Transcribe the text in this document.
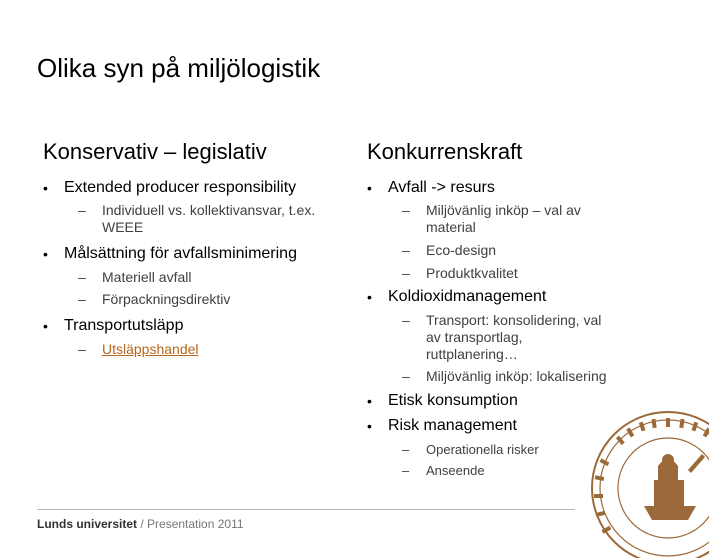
Olika syn på miljölogistik
Konservativ – legislativ
• Extended producer responsibility
– Individuell vs. kollektivansvar, t.ex. WEEE
• Målsättning för avfallsminimering
– Materiell avfall
– Förpackningsdirektiv
• Transportutsläpp
– Utsläppshandel
Konkurrenskraft
• Avfall -> resurs
– Miljövänlig inköp – val av material
– Eco-design
– Produktkvalitet
• Koldioxidmanagement
– Transport: konsolidering, val av transportlag, ruttplanering…
– Miljövänlig inköp: lokalisering
• Etisk konsumption
• Risk management
– Operationella risker
– Anseende
Lunds universitet / Presentation 2011
